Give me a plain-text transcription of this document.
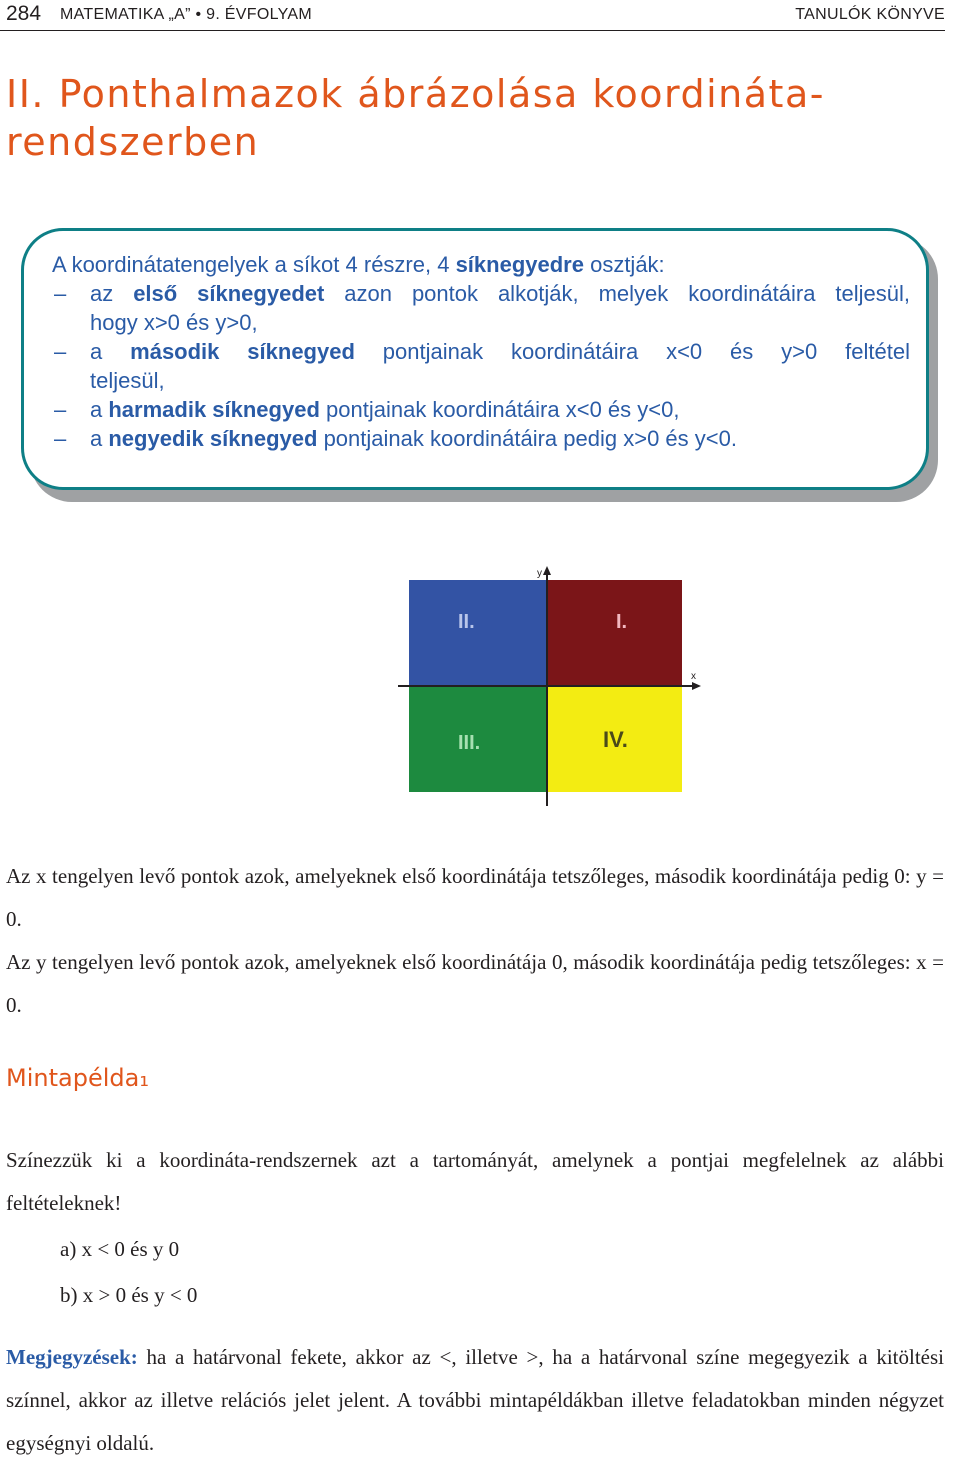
284 MATEMATIKA „A” • 9. ÉVFOLYAM	TANULÓK KÖNYVE
II. Ponthalmazok ábrázolása koordináta-
rendszerben
A koordinátatengelyek a síkot 4 részre, 4 síknegyedre osztják:
– az első síknegyedet azon pontok alkotják, melyek koordinátáira teljesül,
hogy x>0 és y>0,
– a második síknegyed pontjainak koordinátáira x<0 és y>0 feltétel
teljesül,
– a harmadik síknegyed pontjainak koordinátáira x<0 és y<0,
– a negyedik síknegyed pontjainak koordinátáira pedig x>0 és y<0.
x
y
II.	I.
III.	IV.
Az x tengelyen levő pontok azok, amelyeknek első koordinátája tetszőleges, második koordinátája pedig 0: y = 0.
Az y tengelyen levő pontok azok, amelyeknek első koordinátája 0, második koordinátája pedig tetszőleges: x = 0.
Mintapélda₁
Színezzük ki a koordináta-rendszernek azt a tartományát, amelynek a pontjai megfelelnek az alábbi feltételeknek!
a) x < 0 és y 0
b) x > 0 és y < 0
Megjegyzések: ha a határvonal fekete, akkor az <, illetve >, ha a határvonal színe megegyezik a kitöltési színnel, akkor az illetve relációs jelet jelent. A további mintapéldákban illetve feladatokban minden négyzet egységnyi oldalú.
